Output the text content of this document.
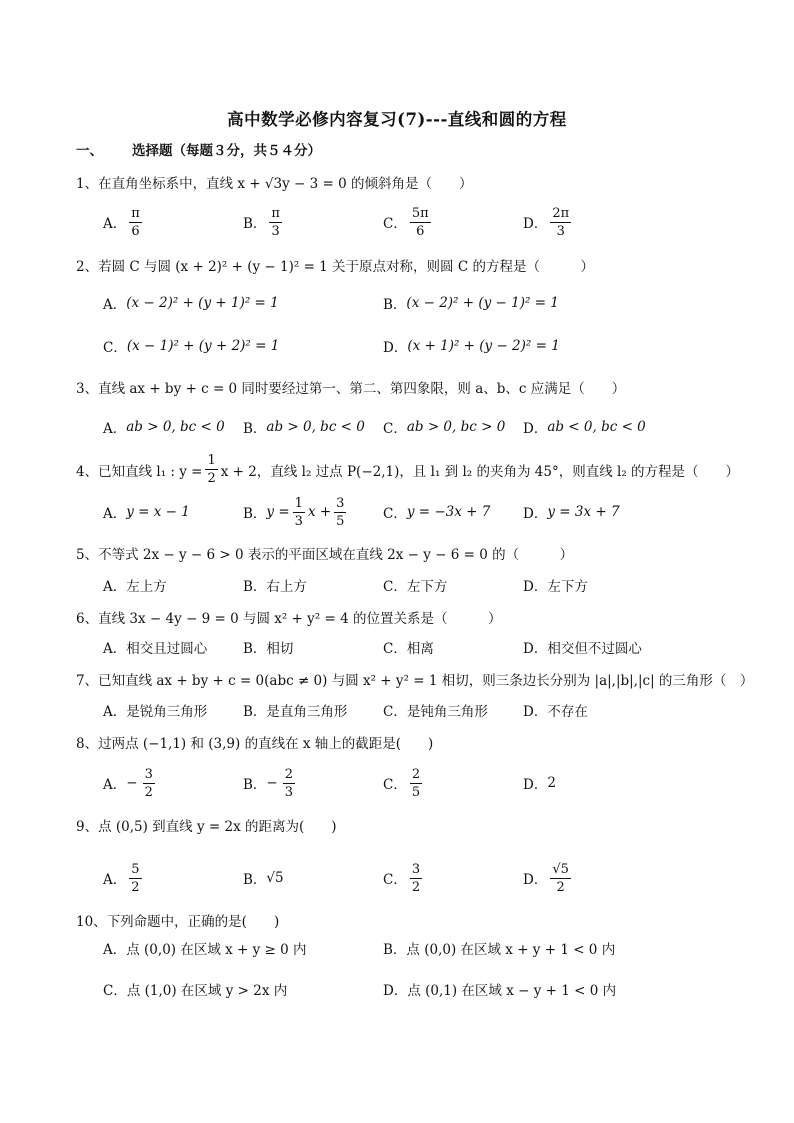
高中数学必修内容复习(7)---直线和圆的方程
一、 选择题（每题３分，共５４分）
1、在直角坐标系中，直线 x + √3y − 3 = 0 的倾斜角是（　　）
A． $\frac{\pi}{6}$	B． $\frac{\pi}{3}$	C． $\frac{5\pi}{6}$	D． $\frac{2\pi}{3}$
2、若圆 C 与圆 (x + 2)² + (y − 1)² = 1 关于原点对称，则圆 C 的方程是（　　　）
A． (x − 2)² + (y + 1)² = 1	B． (x − 2)² + (y − 1)² = 1
C． (x − 1)² + (y + 2)² = 1	D． (x + 1)² + (y − 2)² = 1
3、直线 ax + by + c = 0 同时要经过第一、第二、第四象限，则 a、b、c 应满足（　　）
A． ab > 0, bc < 0 B． ab > 0, bc < 0 C． ab > 0, bc > 0 D． ab < 0, bc < 0
4、已知直线 l₁ : $y = \frac{1}{2}$ x + 2，直线 l₂ 过点 P(−2,1)，且 l₁ 到 l₂ 的夹角为 45°，则直线 l₂ 的方程是（　　）
A． y = x − 1	B． $y = \frac{1}{3}$ $x + \frac{3}{5}$	C． y = −3x + 7 D． y = 3x + 7
5、不等式 2x − y − 6 > 0 表示的平面区域在直线 2x − y − 6 = 0 的（　　　）
A． 左上方	B． 右上方	C． 左下方	D． 左下方
6、直线 3x − 4y − 9 = 0 与圆 x² + y² = 4 的位置关系是（　　　）
A． 相交且过圆心	B． 相切	C． 相离	D． 相交但不过圆心
7、已知直线 ax + by + c = 0(abc ≠ 0) 与圆 x² + y² = 1 相切，则三条边长分别为 |a|,|b|,|c| 的三角形（　）
A． 是锐角三角形	B． 是直角三角形	C． 是钝角三角形	D． 不存在
8、过两点 (−1,1) 和 (3,9) 的直线在 x 轴上的截距是(　　)
A． − $\frac{3}{2}$	B． − $\frac{2}{3}$	C． $\frac{2}{5}$	D． 2
9、点 (0,5) 到直线 y = 2x 的距离为(　　)
A． $\frac{5}{2}$	B． √5	C． $\frac{3}{2}$	D． $\frac{√5}{2}$
10、下列命题中，正确的是(　　)
A． 点 (0,0) 在区域 x + y ≥ 0 内	B． 点 (0,0) 在区域 x + y + 1 < 0 内
C． 点 (1,0) 在区域 y > 2x 内	D． 点 (0,1) 在区域 x − y + 1 < 0 内
